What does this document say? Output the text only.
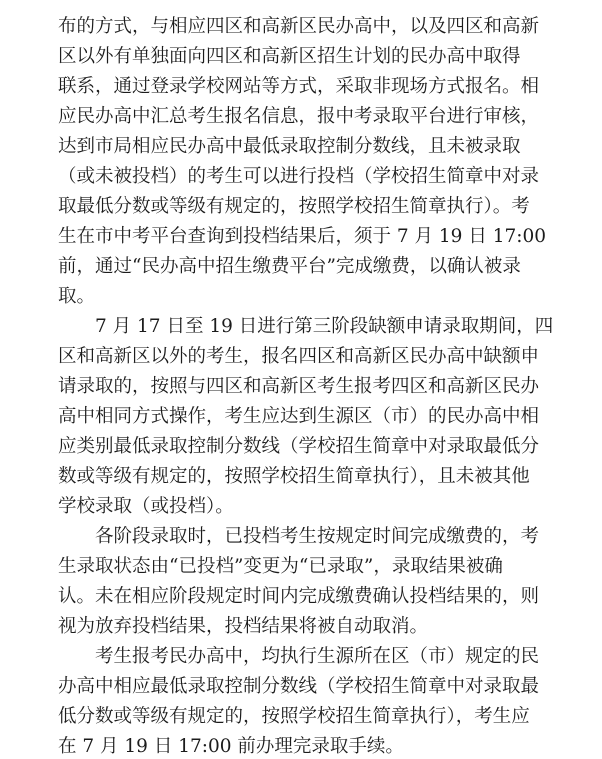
布的方式，与相应四区和高新区民办高中，以及四区和高新
区以外有单独面向四区和高新区招生计划的民办高中取得
联系，通过登录学校网站等方式，采取非现场方式报名。相
应民办高中汇总考生报名信息，报中考录取平台进行审核，
达到市局相应民办高中最低录取控制分数线，且未被录取
（或未被投档）的考生可以进行投档（学校招生简章中对录
取最低分数或等级有规定的，按照学校招生简章执行）。考
生在市中考平台查询到投档结果后，须于 7 月 19 日 17:00
前，通过“民办高中招生缴费平台”完成缴费，以确认被录
取。
7 月 17 日至 19 日进行第三阶段缺额申请录取期间，四
区和高新区以外的考生，报名四区和高新区民办高中缺额申
请录取的，按照与四区和高新区考生报考四区和高新区民办
高中相同方式操作，考生应达到生源区（市）的民办高中相
应类别最低录取控制分数线（学校招生简章中对录取最低分
数或等级有规定的，按照学校招生简章执行），且未被其他
学校录取（或投档）。
各阶段录取时，已投档考生按规定时间完成缴费的，考
生录取状态由“已投档”变更为“已录取”，录取结果被确
认。未在相应阶段规定时间内完成缴费确认投档结果的，则
视为放弃投档结果，投档结果将被自动取消。
考生报考民办高中，均执行生源所在区（市）规定的民
办高中相应最低录取控制分数线（学校招生简章中对录取最
低分数或等级有规定的，按照学校招生简章执行），考生应
在 7 月 19 日 17:00 前办理完录取手续。
